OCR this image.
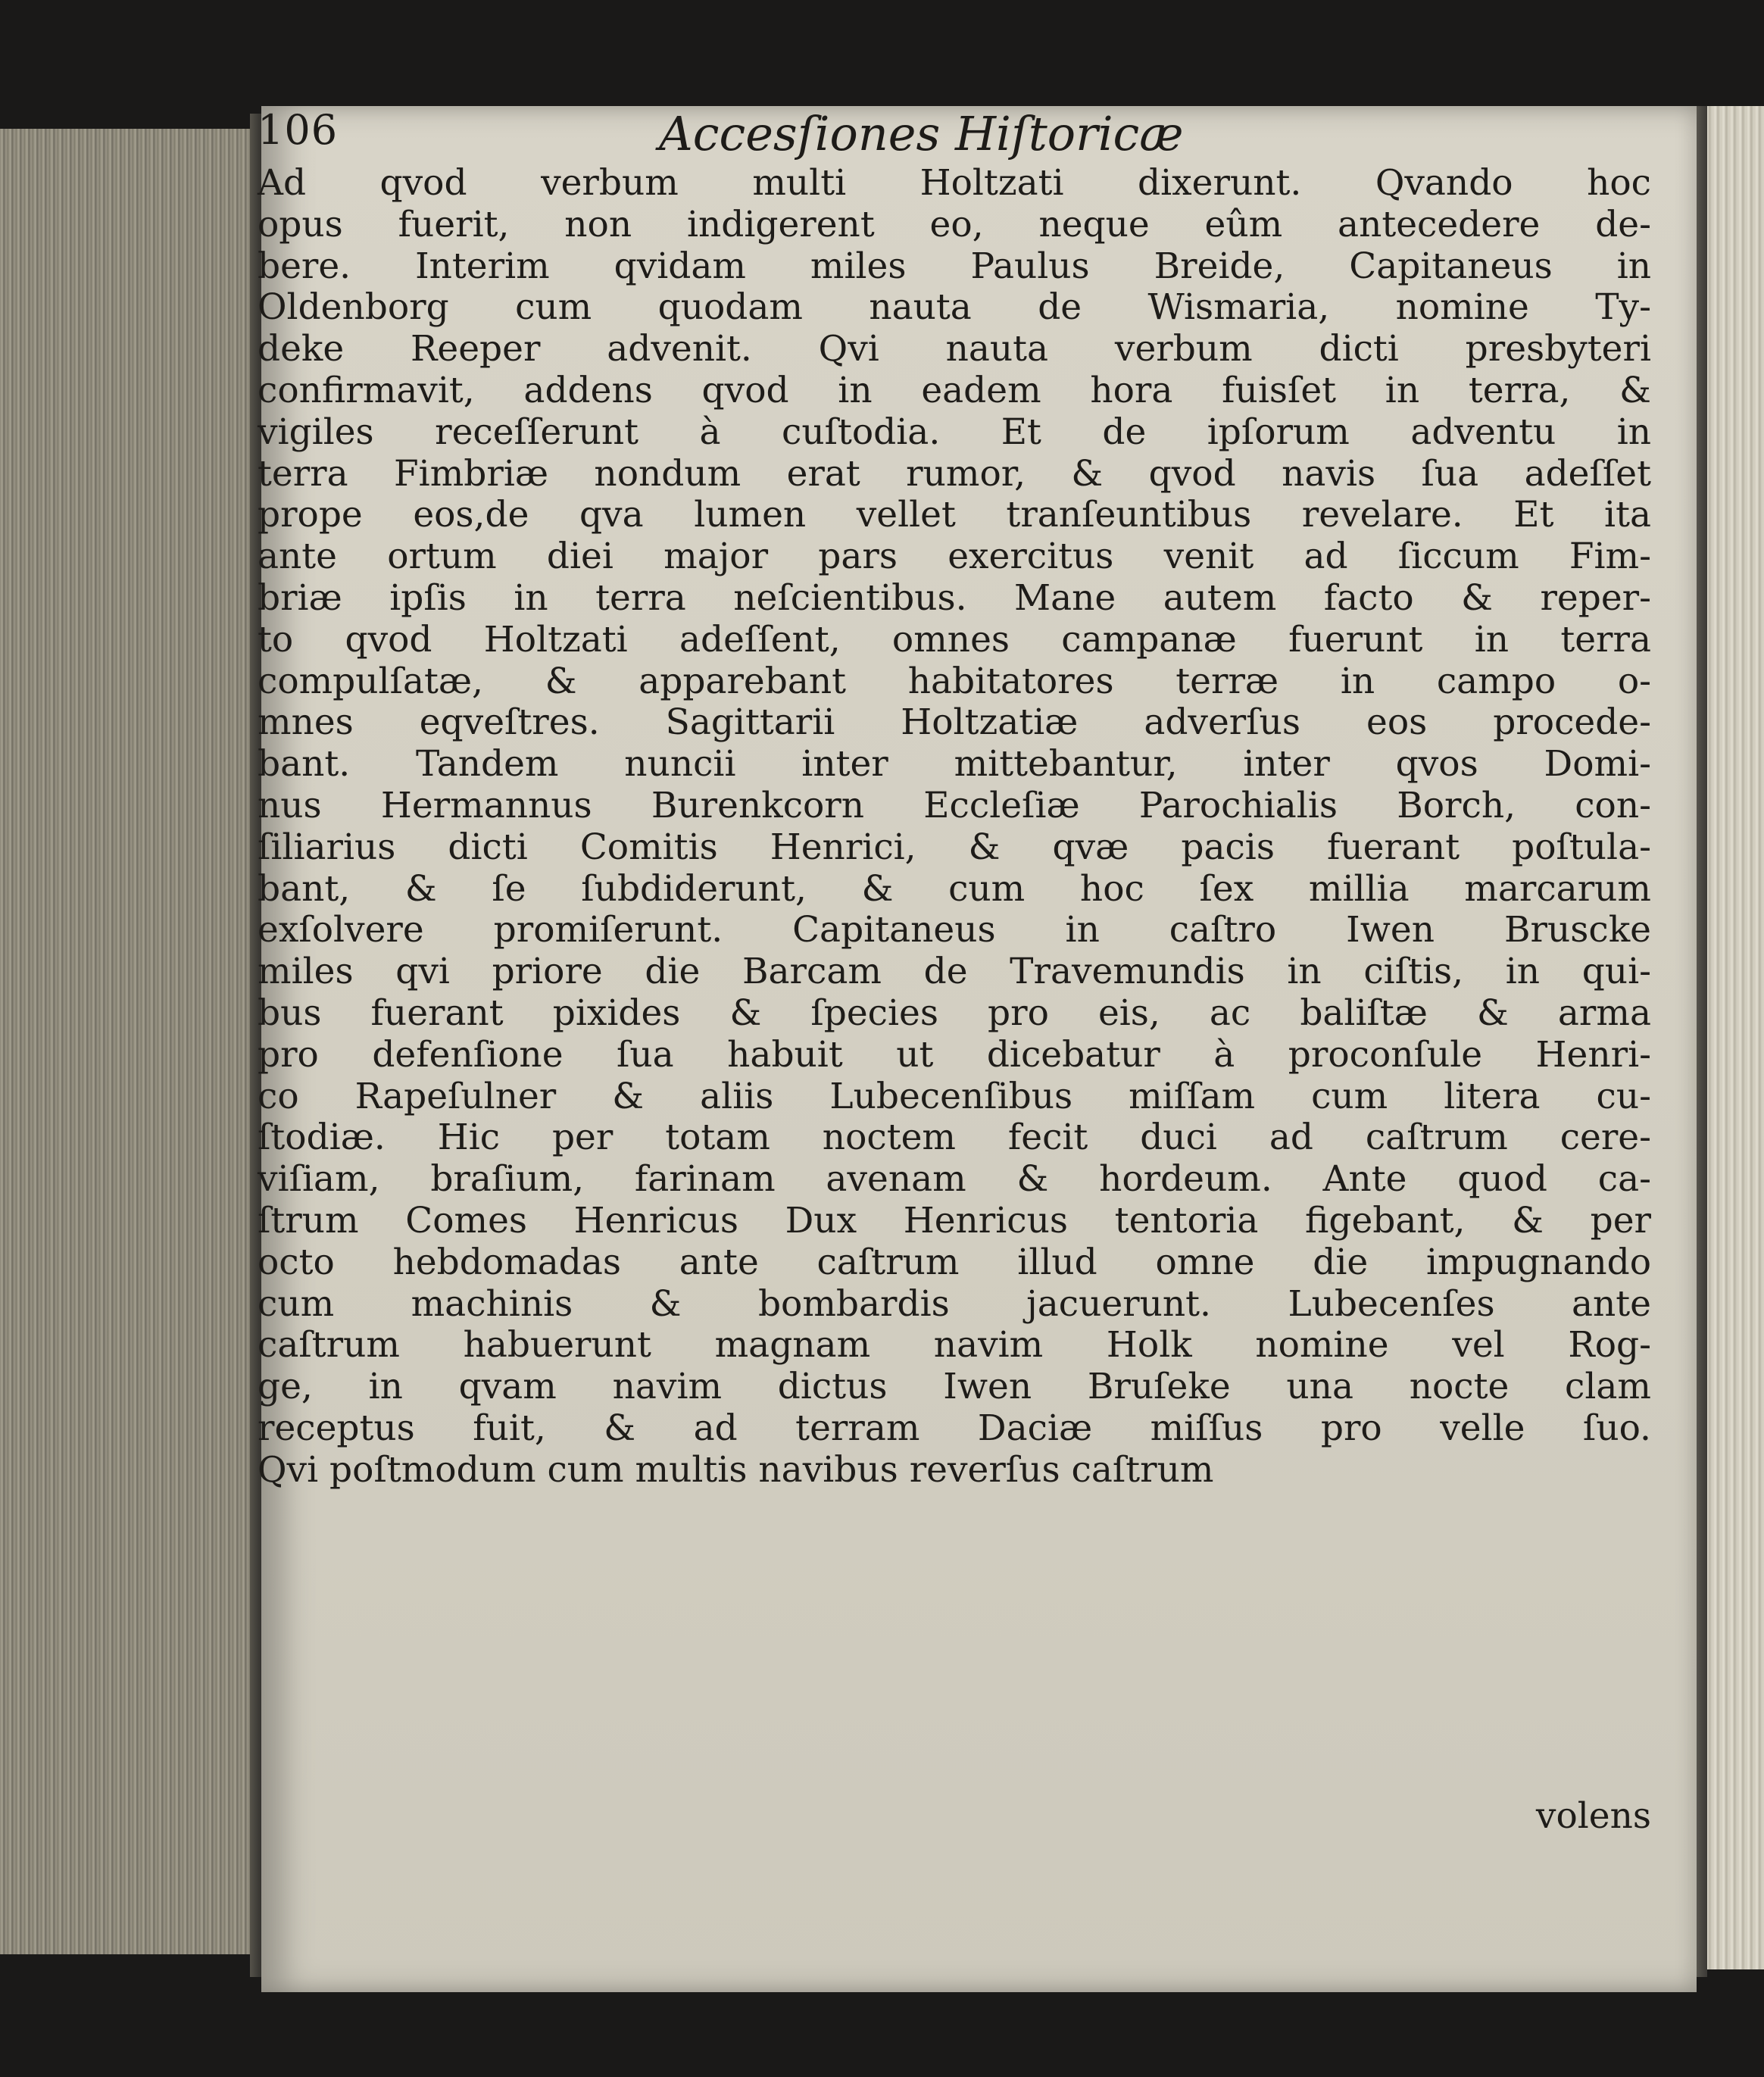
106	Accesſiones Hiſtoricæ
Ad qvod verbum multi Holtzati dixerunt. Qvando hoc
opus fuerit, non indigerent eo, neque eûm antecedere de-
bere. Interim qvidam miles Paulus Breide, Capitaneus in
Oldenborg cum quodam nauta de Wismaria, nomine Ty-
deke Reeper advenit. Qvi nauta verbum dicti presbyteri
confirmavit, addens qvod in eadem hora fuisſet in terra, &
vigiles receſſerunt à cuſtodia. Et de ipſorum adventu in
terra Fimbriæ nondum erat rumor, & qvod navis ſua adeſſet
prope eos,de qva lumen vellet tranſeuntibus revelare. Et ita
ante ortum diei major pars exercitus venit ad ſiccum Fim-
briæ ipſis in terra neſcientibus. Mane autem facto & reper-
to qvod Holtzati adeſſent, omnes campanæ fuerunt in terra
compulſatæ, & apparebant habitatores terræ in campo o-
mnes eqveſtres. Sagittarii Holtzatiæ adverſus eos procede-
bant. Tandem nuncii inter mittebantur, inter qvos Domi-
nus Hermannus Burenkcorn Eccleſiæ Parochialis Borch, con-
ſiliarius dicti Comitis Henrici, & qvæ pacis fuerant poſtula-
bant, & ſe ſubdiderunt, & cum hoc ſex millia marcarum
exſolvere promiſerunt. Capitaneus in caſtro Iwen Bruscke
miles qvi priore die Barcam de Travemundis in ciſtis, in qui-
bus fuerant pixides & ſpecies pro eis, ac baliſtæ & arma
pro defenſione ſua habuit ut dicebatur à proconſule Henri-
co Rapeſulner & aliis Lubecenſibus miſſam cum litera cu-
ſtodiæ. Hic per totam noctem fecit duci ad caſtrum cere-
viſiam, braſium, farinam avenam & hordeum. Ante quod ca-
ſtrum Comes Henricus Dux Henricus tentoria figebant, & per
octo hebdomadas ante caſtrum illud omne die impugnando
cum machinis & bombardis jacuerunt. Lubecenſes ante
caſtrum habuerunt magnam navim Holk nomine vel Rog-
ge, in qvam navim dictus Iwen Bruſeke una nocte clam
receptus fuit, & ad terram Daciæ miſſus pro velle ſuo.
Qvi poſtmodum cum multis navibus reverſus caſtrum
volens
